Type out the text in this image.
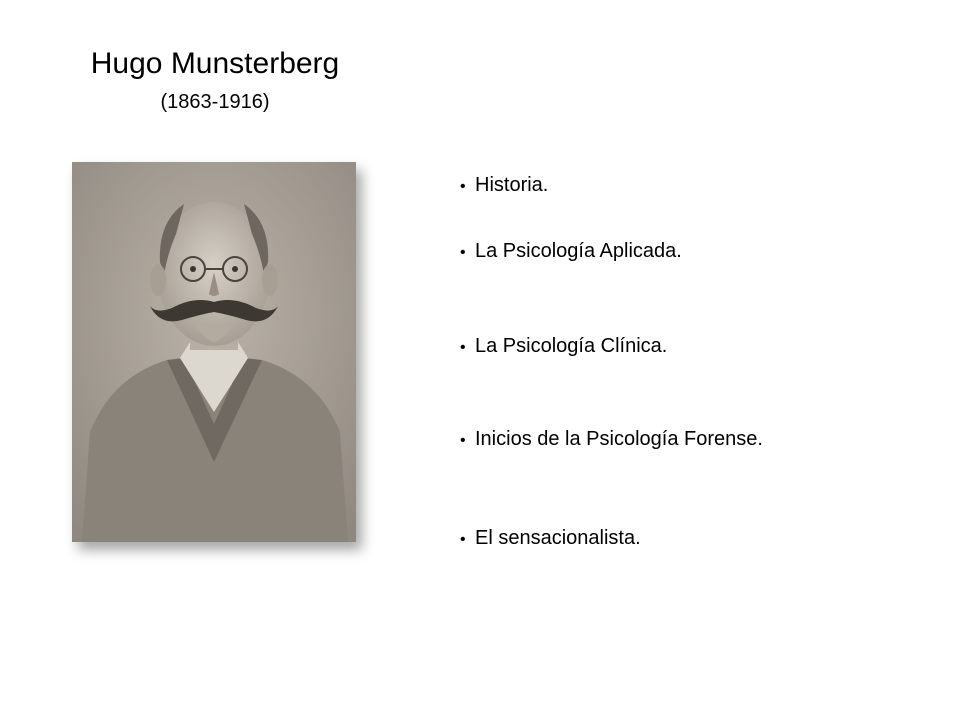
Hugo Munsterberg
(1863-1916)
• Historia.
• La Psicología Aplicada.
• La Psicología Clínica.
• Inicios de la Psicología Forense.
• El sensacionalista.
